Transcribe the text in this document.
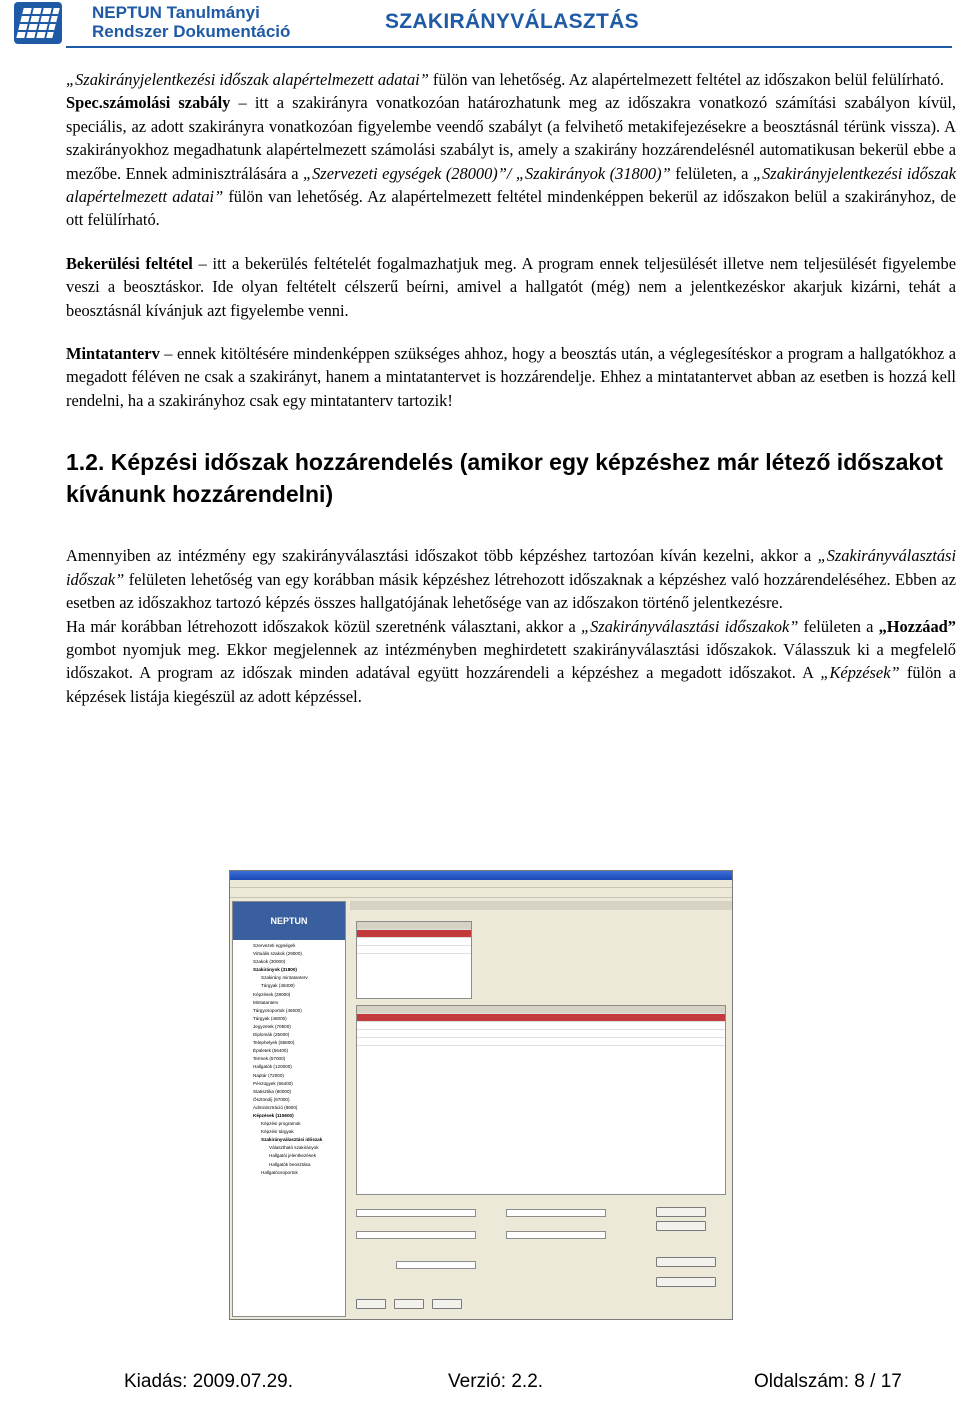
NEPTUN Tanulmányi
Rendszer Dokumentáció	SZAKIRÁNYVÁLASZTÁS

„Szakirányjelentkezési időszak alapértelmezett adatai” fülön van lehetőség. Az alapértelmezett feltétel az időszakon belül felülírható.

Spec.számolási szabály – itt a szakirányra vonatkozóan határozhatunk meg az időszakra vonatkozó számítási szabályon kívül, speciális, az adott szakirányra vonatkozóan figyelembe veendő szabályt (a felvihető metakifejezésekre a beosztásnál térünk vissza). A szakirányokhoz megadhatunk alapértelmezett számolási szabályt is, amely a szakirány hozzárendelésnél automatikusan bekerül ebbe a mezőbe. Ennek adminisztrálására a „Szervezeti egységek (28000)”/ „Szakirányok (31800)” felületen, a „Szakirányjelentkezési időszak alapértelmezett adatai” fülön van lehetőség. Az alapértelmezett feltétel mindenképpen bekerül az időszakon belül a szakirányhoz, de ott felülírható.

Bekerülési feltétel – itt a bekerülés feltételét fogalmazhatjuk meg. A program ennek teljesülését illetve nem teljesülését figyelembe veszi a beosztáskor. Ide olyan feltételt célszerű beírni, amivel a hallgatót (még) nem a jelentkezéskor akarjuk kizárni, tehát a beosztásnál kívánjuk azt figyelembe venni.

Mintatanterv – ennek kitöltésére mindenképpen szükséges ahhoz, hogy a beosztás után, a véglegesítéskor a program a hallgatókhoz a megadott féléven ne csak a szakirányt, hanem a mintatantervet is hozzárendelje. Ehhez a mintatantervet abban az esetben is hozzá kell rendelni, ha a szakirányhoz csak egy mintatanterv tartozik!

1.2. Képzési időszak hozzárendelés (amikor egy képzéshez már létező időszakot kívánunk hozzárendelni)

Amennyiben az intézmény egy szakirányválasztási időszakot több képzéshez tartozóan kíván kezelni, akkor a „Szakirányválasztási időszak” felületen lehetőség van egy korábban másik képzéshez létrehozott időszaknak a képzéshez való hozzárendeléséhez. Ebben az esetben az időszakhoz tartozó képzés összes hallgatójának lehetősége van az időszakon történő jelentkezésre.

Ha már korábban létrehozott időszakok közül szeretnénk választani, akkor a „Szakirányválasztási időszakok” felületen a „Hozzáad” gombot nyomjuk meg. Ekkor megjelennek az intézményben meghirdetett szakirányválasztási időszakok. Válasszuk ki a megfelelő időszakot. A program az időszak minden adatával együtt hozzárendeli a képzéshez a megadott időszakot. A „Képzések” fülön a képzések listája kiegészül az adott képzéssel.

NEPTUN
Szervezeti egységek
Virtuális szakok (29000)
Szakok (30000)
Szakirányok (31800)
Szakirány mintatanterv
Tárgyak (48400)
Képzések (28000)
Mintatanterv
Tárgycsoportok (46000)
Tárgyak (48000)
Jegyzetek (70500)
Diplomák (25000)
Telephelyek (55800)
Épületek (56400)
Termek (57000)
Hallgatók (120000)
Naptár (72000)
Pénzügyek (66400)
Statisztika (80000)
Ösztöndíj (67000)
Adminisztráció (8600)
Képzések (115600)
Képzési programok
Képzési tárgyak
Szakirányválasztási időszak
Választható szakirányok
Hallgatói jelentkezések
Hallgatók beosztása
Hallgatócsoportok
Kiadás: 2009.07.29.	Verzió: 2.2.	Oldalszám: 8 / 17
